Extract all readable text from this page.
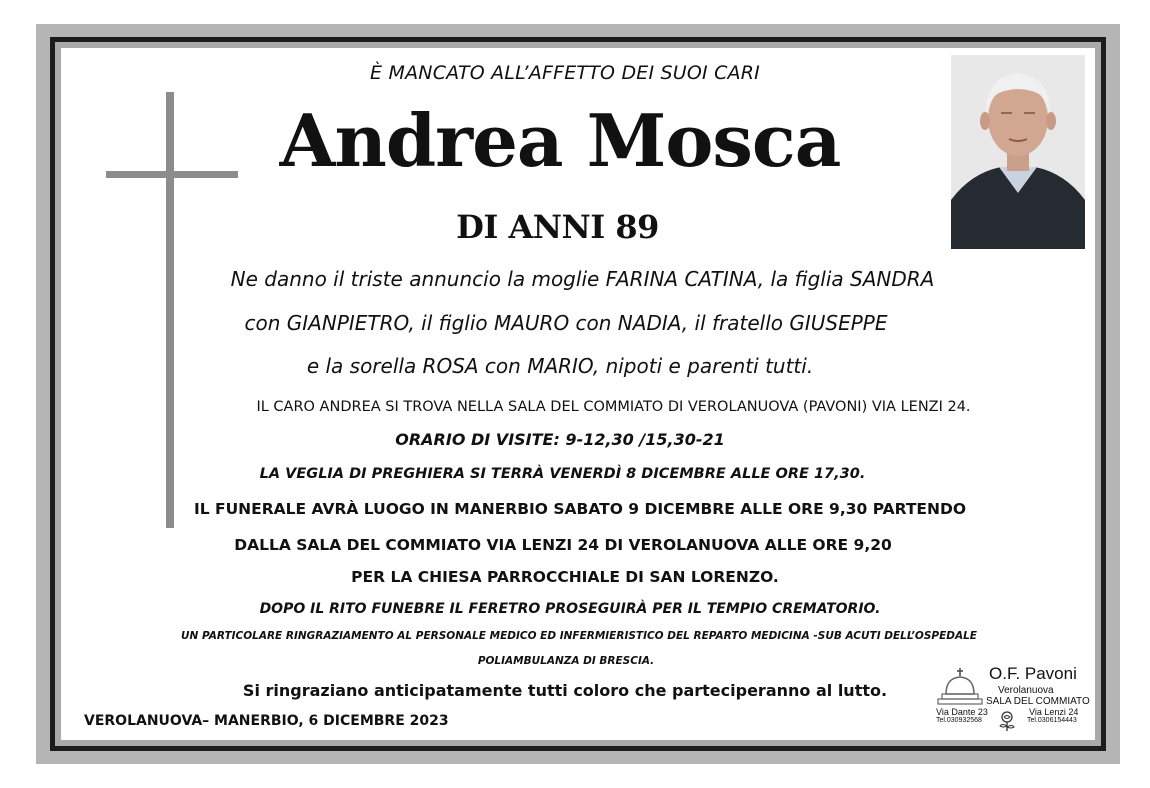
È MANCATO ALL’AFFETTO DEI SUOI CARI
Andrea Mosca
DI ANNI 89
Ne danno il triste annuncio la moglie FARINA CATINA, la figlia SANDRA
con GIANPIETRO, il figlio MAURO con NADIA, il fratello GIUSEPPE
e la sorella ROSA con MARIO, nipoti e parenti tutti.
IL CARO ANDREA SI TROVA NELLA SALA DEL COMMIATO DI VEROLANUOVA (PAVONI) VIA LENZI 24.
ORARIO DI VISITE: 9-12,30 /15,30-21
LA VEGLIA DI PREGHIERA SI TERRÀ VENERDÌ 8 DICEMBRE ALLE ORE 17,30.
IL FUNERALE AVRÀ LUOGO IN MANERBIO SABATO 9 DICEMBRE ALLE ORE 9,30 PARTENDO
DALLA SALA DEL COMMIATO VIA LENZI 24 DI VEROLANUOVA ALLE ORE 9,20
PER LA CHIESA PARROCCHIALE DI SAN LORENZO.
DOPO IL RITO FUNEBRE IL FERETRO PROSEGUIRÀ PER IL TEMPIO CREMATORIO.
UN PARTICOLARE RINGRAZIAMENTO AL PERSONALE MEDICO ED INFERMIERISTICO DEL REPARTO MEDICINA -SUB ACUTI DELL’OSPEDALE
POLIAMBULANZA DI BRESCIA.
Si ringraziano anticipatamente tutti coloro che parteciperanno al lutto.
VEROLANUOVA– MANERBIO, 6 DICEMBRE 2023
O.F. Pavoni
Verolanuova
SALA DEL COMMIATO
Via Dante 23
Tel.030932568
Via Lenzi 24
Tel.0306154443
